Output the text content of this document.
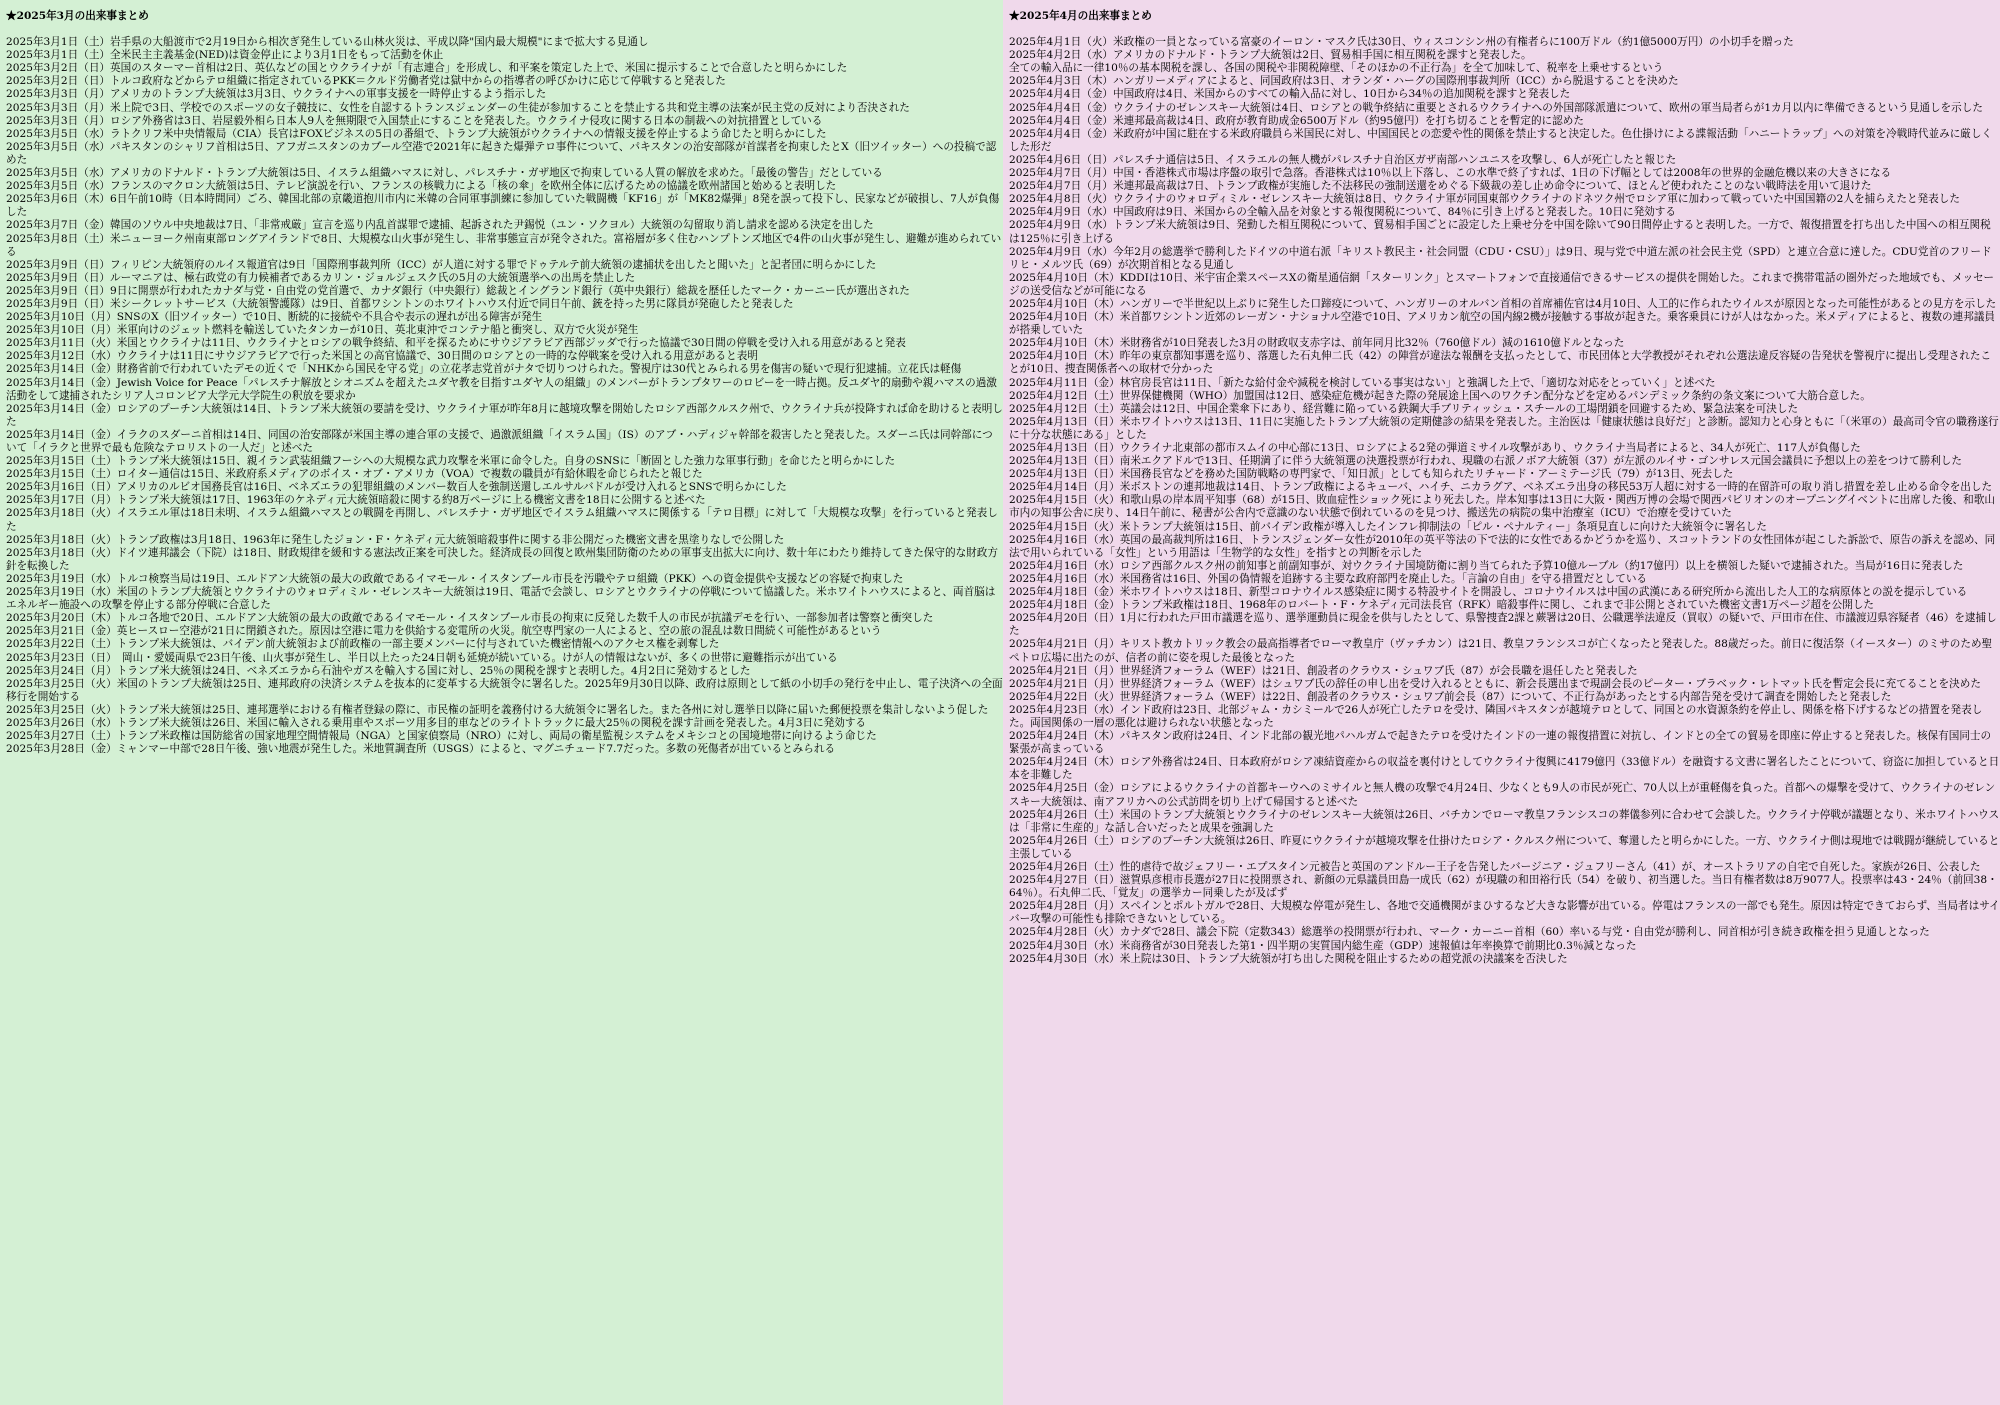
★2025年3月の出来事まとめ
2025年3月1日（土）岩手県の大船渡市で2月19日から相次ぎ発生している山林火災は、平成以降"国内最大規模"にまで拡大する見通し
2025年3月1日（土）全米民主主義基金(NED)は資金停止により3月1日をもって活動を休止
2025年3月2日（日）英国のスターマー首相は2日、英仏などの国とウクライナが「有志連合」を形成し、和平案を策定した上で、米国に提示することで合意したと明らかにした
2025年3月2日（日）トルコ政府などからテロ組織に指定されているPKK＝クルド労働者党は獄中からの指導者の呼びかけに応じて停戦すると発表した
2025年3月3日（月）アメリカのトランプ大統領は3月3日、ウクライナへの軍事支援を一時停止するよう指示した
2025年3月3日（月）米上院で3日、学校でのスポーツの女子競技に、女性を自認するトランスジェンダーの生徒が参加することを禁止する共和党主導の法案が民主党の反対により否決された
2025年3月3日（月）ロシア外務省は3日、岩屋毅外相ら日本人9人を無期限で入国禁止にすることを発表した。ウクライナ侵攻に関する日本の制裁への対抗措置としている
2025年3月5日（水）ラトクリフ米中央情報局（CIA）長官はFOXビジネスの5日の番組で、トランプ大統領がウクライナへの情報支援を停止するよう命じたと明らかにした
2025年3月5日（水）パキスタンのシャリフ首相は5日、アフガニスタンのカブール空港で2021年に起きた爆弾テロ事件について、パキスタンの治安部隊が首謀者を拘束したとX（旧ツイッター）への投稿で認めた
2025年3月5日（水）アメリカのドナルド・トランプ大統領は5日、イスラム組織ハマスに対し、パレスチナ・ガザ地区で拘束している人質の解放を求めた。「最後の警告」だとしている
2025年3月5日（水）フランスのマクロン大統領は5日、テレビ演説を行い、フランスの核戦力による「核の傘」を欧州全体に広げるための協議を欧州諸国と始めると表明した
2025年3月6日（木）6日午前10時（日本時間同）ごろ、韓国北部の京畿道抱川市内に米韓の合同軍事訓練に参加していた戦闘機「KF16」が「MK82爆弾」8発を誤って投下し、民家などが破損し、7人が負傷した
2025年3月7日（金）韓国のソウル中央地裁は7日、「非常戒厳」宣言を巡り内乱首謀罪で逮捕、起訴された尹錫悦（ユン・ソクヨル）大統領の勾留取り消し請求を認める決定を出した
2025年3月8日（土）米ニューヨーク州南東部ロングアイランドで8日、大規模な山火事が発生し、非常事態宣言が発令された。富裕層が多く住むハンプトンズ地区で4件の山火事が発生し、避難が進められている
2025年3月9日（日）フィリピン大統領府のルイス報道官は9日「国際刑事裁判所（ICC）が人道に対する罪でドゥテルテ前大統領の逮捕状を出したと聞いた」と記者団に明らかにした
2025年3月9日（日）ルーマニアは、極右政党の有力候補者であるカリン・ジョルジェスク氏の5月の大統領選挙への出馬を禁止した
2025年3月9日（日）9日に開票が行われたカナダ与党・自由党の党首選で、カナダ銀行（中央銀行）総裁とイングランド銀行（英中央銀行）総裁を歴任したマーク・カーニー氏が選出された
2025年3月9日（日）米シークレットサービス（大統領警護隊）は9日、首都ワシントンのホワイトハウス付近で同日午前、銃を持った男に隊員が発砲したと発表した
2025年3月10日（月）SNSのX（旧ツイッター）で10日、断続的に接続や不具合や表示の遅れが出る障害が発生
2025年3月10日（月）米軍向けのジェット燃料を輸送していたタンカーが10日、英北東沖でコンテナ船と衝突し、双方で火災が発生
2025年3月11日（火）米国とウクライナは11日、ウクライナとロシアの戦争終結、和平を探るためにサウジアラビア西部ジッダで行った協議で30日間の停戦を受け入れる用意があると発表
2025年3月12日（水）ウクライナは11日にサウジアラビアで行った米国との高官協議で、30日間のロシアとの一時的な停戦案を受け入れる用意があると表明
2025年3月14日（金）財務省前で行われていたデモの近くで「NHKから国民を守る党」の立花孝志党首がナタで切りつけられた。警視庁は30代とみられる男を傷害の疑いで現行犯逮捕。立花氏は軽傷
2025年3月14日（金）Jewish Voice for Peace「パレスチナ解放とシオニズムを超えたユダヤ教を目指すユダヤ人の組織」のメンバーがトランプタワーのロビーを一時占拠。反ユダヤ的扇動や親ハマスの過激活動をして逮捕されたシリア人コロンビア大学元大学院生の釈放を要求か
2025年3月14日（金）ロシアのプーチン大統領は14日、トランプ米大統領の要請を受け、ウクライナ軍が昨年8月に越境攻撃を開始したロシア西部クルスク州で、ウクライナ兵が投降すれば命を助けると表明した
2025年3月14日（金）イラクのスダーニ首相は14日、同国の治安部隊が米国主導の連合軍の支援で、過激派組織「イスラム国」（IS）のアブ・ハディジャ幹部を殺害したと発表した。スダーニ氏は同幹部について「イラクと世界で最も危険なテロリストの一人だ」と述べた
2025年3月15日（土）トランプ米大統領は15日、親イラン武装組織フーシへの大規模な武力攻撃を米軍に命令した。自身のSNSに「断固とした強力な軍事行動」を命じたと明らかにした
2025年3月15日（土）ロイター通信は15日、米政府系メディアのボイス・オブ・アメリカ（VOA）で複数の職員が有給休暇を命じられたと報じた
2025年3月16日（日）アメリカのルビオ国務長官は16日、ベネズエラの犯罪組織のメンバー数百人を強制送還しエルサルバドルが受け入れるとSNSで明らかにした
2025年3月17日（月）トランプ米大統領は17日、1963年のケネディ元大統領暗殺に関する約8万ページに上る機密文書を18日に公開すると述べた
2025年3月18日（火）イスラエル軍は18日未明、イスラム組織ハマスとの戦闘を再開し、パレスチナ・ガザ地区でイスラム組織ハマスに関係する「テロ目標」に対して「大規模な攻撃」を行っていると発表した
2025年3月18日（火）トランプ政権は3月18日、1963年に発生したジョン・F・ケネディ元大統領暗殺事件に関する非公開だった機密文書を黒塗りなしで公開した
2025年3月18日（火）ドイツ連邦議会（下院）は18日、財政規律を緩和する憲法改正案を可決した。経済成長の回復と欧州集団防衛のための軍事支出拡大に向け、数十年にわたり維持してきた保守的な財政方針を転換した
2025年3月19日（水）トルコ検察当局は19日、エルドアン大統領の最大の政敵であるイマモール・イスタンブール市長を汚職やテロ組織（PKK）への資金提供や支援などの容疑で拘束した
2025年3月19日（水）米国のトランプ大統領とウクライナのウォロディミル・ゼレンスキー大統領は19日、電話で会談し、ロシアとウクライナの停戦について協議した。米ホワイトハウスによると、両首脳はエネルギー施設への攻撃を停止する部分停戦に合意した
2025年3月20日（木）トルコ各地で20日、エルドアン大統領の最大の政敵であるイマモール・イスタンブール市長の拘束に反発した数千人の市民が抗議デモを行い、一部参加者は警察と衝突した
2025年3月21日（金）英ヒースロー空港が21日に閉鎖された。原因は空港に電力を供給する変電所の火災。航空専門家の一人によると、空の旅の混乱は数日間続く可能性があるという
2025年3月22日（土）トランプ米大統領は、バイデン前大統領および前政権の一部主要メンバーに付与されていた機密情報へのアクセス権を剥奪した
2025年3月23日（日）　岡山・愛媛両県で23日午後、山火事が発生し、半日以上たった24日朝も延焼が続いている。けが人の情報はないが、多くの世帯に避難指示が出ている
2025年3月24日（月）トランプ米大統領は24日、ベネズエラから石油やガスを輸入する国に対し、25％の関税を課すと表明した。4月2日に発効するとした
2025年3月25日（火）米国のトランプ大統領は25日、連邦政府の決済システムを抜本的に変革する大統領令に署名した。2025年9月30日以降、政府は原則として紙の小切手の発行を中止し、電子決済への全面移行を開始する
2025年3月25日（火）トランプ米大統領は25日、連邦選挙における有権者登録の際に、市民権の証明を義務付ける大統領令に署名した。また各州に対し選挙日以降に届いた郵便投票を集計しないよう促した
2025年3月26日（水）トランプ米大統領は26日、米国に輸入される乗用車やスポーツ用多目的車などのライトトラックに最大25％の関税を課す計画を発表した。4月3日に発効する
2025年3月27日（土）トランプ米政権は国防総省の国家地理空間情報局（NGA）と国家偵察局（NRO）に対し、両局の衛星監視システムをメキシコとの国境地帯に向けるよう命じた
2025年3月28日（金）ミャンマー中部で28日午後、強い地震が発生した。米地質調査所（USGS）によると、マグニチュード7.7だった。多数の死傷者が出ているとみられる
★2025年4月の出来事まとめ
2025年4月1日（火）米政権の一員となっている富豪のイーロン・マスク氏は30日、ウィスコンシン州の有権者らに100万ドル（約1億5000万円）の小切手を贈った
2025年4月2日（水）アメリカのドナルド・トランプ大統領は2日、貿易相手国に相互関税を課すと発表した。
全ての輸入品に一律10％の基本関税を課し、各国の関税や非関税障壁、「そのほかの不正行為」を全て加味して、税率を上乗せするという
2025年4月3日（木）ハンガリーメディアによると、同国政府は3日、オランダ・ハーグの国際刑事裁判所（ICC）から脱退することを決めた
2025年4月4日（金）中国政府は4日、米国からのすべての輸入品に対し、10日から34％の追加関税を課すと発表した
2025年4月4日（金）ウクライナのゼレンスキー大統領は4日、ロシアとの戦争終結に重要とされるウクライナへの外国部隊派遣について、欧州の軍当局者らが1カ月以内に準備できるという見通しを示した
2025年4月4日（金）米連邦最高裁は4日、政府が教育助成金6500万ドル（約95億円）を打ち切ることを暫定的に認めた
2025年4月4日（金）米政府が中国に駐在する米政府職員ら米国民に対し、中国国民との恋愛や性的関係を禁止すると決定した。色仕掛けによる諜報活動「ハニートラップ」への対策を冷戦時代並みに厳しくした形だ
2025年4月6日（日）パレスチナ通信は5日、イスラエルの無人機がパレスチナ自治区ガザ南部ハンユニスを攻撃し、6人が死亡したと報じた
2025年4月7日（月）中国・香港株式市場は序盤の取引で急落。香港株式は10％以上下落し、この水準で終了すれば、1日の下げ幅としては2008年の世界的金融危機以来の大きさになる
2025年4月7日（月）米連邦最高裁は7日、トランプ政権が実施した不法移民の強制送還をめぐる下級裁の差し止め命令について、ほとんど使われたことのない戦時法を用いて退けた
2025年4月8日（火）ウクライナのウォロディミル・ゼレンスキー大統領は8日、ウクライナ軍が同国東部ウクライナのドネツク州でロシア軍に加わって戦っていた中国国籍の2人を捕らえたと発表した
2025年4月9日（水）中国政府は9日、米国からの全輸入品を対象とする報復関税について、84％に引き上げると発表した。10日に発効する
2025年4月9日（水）トランプ米大統領は9日、発動した相互関税について、貿易相手国ごとに設定した上乗せ分を中国を除いて90日間停止すると表明した。一方で、報復措置を打ち出した中国への相互関税は125％に引き上げる
2025年4月9日（水）今年2月の総選挙で勝利したドイツの中道右派「キリスト教民主・社会同盟（CDU・CSU）」は9日、現与党で中道左派の社会民主党（SPD）と連立合意に達した。CDU党首のフリードリヒ・メルツ氏（69）が次期首相となる見通し
2025年4月10日（木）KDDIは10日、米宇宙企業スペースXの衛星通信網「スターリンク」とスマートフォンで直接通信できるサービスの提供を開始した。これまで携帯電話の圏外だった地域でも、メッセージの送受信などが可能になる
2025年4月10日（木）ハンガリーで半世紀以上ぶりに発生した口蹄疫について、ハンガリーのオルバン首相の首席補佐官は4月10日、人工的に作られたウイルスが原因となった可能性があるとの見方を示した
2025年4月10日（木）米首都ワシントン近郊のレーガン・ナショナル空港で10日、アメリカン航空の国内線2機が接触する事故が起きた。乗客乗員にけが人はなかった。米メディアによると、複数の連邦議員が搭乗していた
2025年4月10日（木）米財務省が10日発表した3月の財政収支赤字は、前年同月比32％（760億ドル）減の1610億ドルとなった
2025年4月10日（木）昨年の東京都知事選を巡り、落選した石丸伸二氏（42）の陣営が違法な報酬を支払ったとして、市民団体と大学教授がそれぞれ公選法違反容疑の告発状を警視庁に提出し受理されたことが10日、捜査関係者への取材で分かった
2025年4月11日（金）林官房長官は11日、「新たな給付金や減税を検討している事実はない」と強調した上で、「適切な対応をとっていく」と述べた
2025年4月12日（土）世界保健機関（WHO）加盟国は12日、感染症危機が起きた際の発展途上国へのワクチン配分などを定めるパンデミック条約の条文案について大筋合意した。
2025年4月12日（土）英議会は12日、中国企業傘下にあり、経営難に陥っている鉄鋼大手ブリティッシュ・スチールの工場閉鎖を回避するため、緊急法案を可決した
2025年4月13日（日）米ホワイトハウスは13日、11日に実施したトランプ大統領の定期健診の結果を発表した。主治医は「健康状態は良好だ」と診断。認知力と心身ともに「（米軍の）最高司令官の職務遂行に十分な状態にある」とした
2025年4月13日（日）ウクライナ北東部の都市スムイの中心部に13日、ロシアによる2発の弾道ミサイル攻撃があり、ウクライナ当局者によると、34人が死亡、117人が負傷した
2025年4月13日（日）南米エクアドルで13日、任期満了に伴う大統領選の決選投票が行われ、現職の右派ノボア大統領（37）が左派のルイサ・ゴンサレス元国会議員に予想以上の差をつけて勝利した
2025年4月13日（日）米国務長官などを務めた国防戦略の専門家で、「知日派」としても知られたリチャード・アーミテージ氏（79）が13日、死去した
2025年4月14日（月）米ボストンの連邦地裁は14日、トランプ政権によるキューバ、ハイチ、ニカラグア、ベネズエラ出身の移民53万人超に対する一時的在留許可の取り消し措置を差し止める命令を出した
2025年4月15日（火）和歌山県の岸本周平知事（68）が15日、敗血症性ショック死により死去した。岸本知事は13日に大阪・関西万博の会場で関西パビリオンのオープニングイベントに出席した後、和歌山市内の知事公舎に戻り、14日午前に、秘書が公舎内で意識のない状態で倒れているのを見つけ、搬送先の病院の集中治療室（ICU）で治療を受けていた
2025年4月15日（火）米トランプ大統領は15日、前バイデン政権が導入したインフレ抑制法の「ピル・ペナルティー」条項見直しに向けた大統領令に署名した
2025年4月16日（水）英国の最高裁判所は16日、トランスジェンダー女性が2010年の英平等法の下で法的に女性であるかどうかを巡り、スコットランドの女性団体が起こした訴訟で、原告の訴えを認め、同法で用いられている「女性」という用語は「生物学的な女性」を指すとの判断を示した
2025年4月16日（水）ロシア西部クルスク州の前知事と前副知事が、対ウクライナ国境防衛に割り当てられた予算10億ルーブル（約17億円）以上を横領した疑いで逮捕された。当局が16日に発表した
2025年4月16日（水）米国務省は16日、外国の偽情報を追跡する主要な政府部門を廃止した。「言論の自由」を守る措置だとしている
2025年4月18日（金）米ホワイトハウスは18日、新型コロナウイルス感染症に関する特設サイトを開設し、コロナウイルスは中国の武漢にある研究所から流出した人工的な病原体との説を提示している
2025年4月18日（金）トランプ米政権は18日、1968年のロバート・F・ケネディ元司法長官（RFK）暗殺事件に関し、これまで非公開とされていた機密文書1万ページ超を公開した
2025年4月20日（日）1月に行われた戸田市議選を巡り、選挙運動員に現金を供与したとして、県警捜査2課と蕨署は20日、公職選挙法違反（買収）の疑いで、戸田市在住、市議渡辺県容疑者（46）を逮捕した
2025年4月21日（月）キリスト教カトリック教会の最高指導者でローマ教皇庁（ヴァチカン）は21日、教皇フランシスコが亡くなったと発表した。88歳だった。前日に復活祭（イースター）のミサのため聖ペトロ広場に出たのが、信者の前に姿を現した最後となった
2025年4月21日（月）世界経済フォーラム（WEF）は21日、創設者のクラウス・シュワブ氏（87）が会長職を退任したと発表した
2025年4月21日（月）世界経済フォーラム（WEF）はシュワブ氏の辞任の申し出を受け入れるとともに、新会長選出まで現副会長のピーター・ブラベック・レトマット氏を暫定会長に充てることを決めた
2025年4月22日（火）世界経済フォーラム（WEF）は22日、創設者のクラウス・シュワブ前会長（87）について、不正行為があったとする内部告発を受けて調査を開始したと発表した
2025年4月23日（水）インド政府は23日、北部ジャム・カシミールで26人が死亡したテロを受け、隣国パキスタンが越境テロとして、同国との水資源条約を停止し、関係を格下げするなどの措置を発表した。両国関係の一層の悪化は避けられない状態となった
2025年4月24日（木）パキスタン政府は24日、インド北部の観光地パハルガムで起きたテロを受けたインドの一連の報復措置に対抗し、インドとの全ての貿易を即座に停止すると発表した。核保有国同士の緊張が高まっている
2025年4月24日（木）ロシア外務省は24日、日本政府がロシア凍結資産からの収益を裏付けとしてウクライナ復興に4179億円（33億ドル）を融資する文書に署名したことについて、窃盗に加担していると日本を非難した
2025年4月25日（金）ロシアによるウクライナの首都キーウへのミサイルと無人機の攻撃で4月24日、少なくとも9人の市民が死亡、70人以上が重軽傷を負った。首都への爆撃を受けて、ウクライナのゼレンスキー大統領は、南アフリカへの公式訪問を切り上げて帰国すると述べた
2025年4月26日（土）米国のトランプ大統領とウクライナのゼレンスキー大統領は26日、バチカンでローマ教皇フランシスコの葬儀参列に合わせて会談した。ウクライナ停戦が議題となり、米ホワイトハウスは「非常に生産的」な話し合いだったと成果を強調した
2025年4月26日（土）ロシアのプーチン大統領は26日、昨夏にウクライナが越境攻撃を仕掛けたロシア・クルスク州について、奪還したと明らかにした。一方、ウクライナ側は現地では戦闘が継続していると主張している
2025年4月26日（土）性的虐待で故ジェフリー・エプスタイン元被告と英国のアンドルー王子を告発したバージニア・ジュフリーさん（41）が、オーストラリアの自宅で自死した。家族が26日、公表した
2025年4月27日（日）滋賀県彦根市長選が27日に投開票され、新顔の元県議員田島一成氏（62）が現職の和田裕行氏（54）を破り、初当選した。当日有権者数は8万9077人。投票率は43・24％（前回38・64％）。石丸伸二氏、「覚友」の選挙カー同乗したが及ばず
2025年4月28日（月）スペインとポルトガルで28日、大規模な停電が発生し、各地で交通機関がまひするなど大きな影響が出ている。停電はフランスの一部でも発生。原因は特定できておらず、当局者はサイバー攻撃の可能性も排除できないとしている。
2025年4月28日（火）カナダで28日、議会下院（定数343）総選挙の投開票が行われ、マーク・カーニー首相（60）率いる与党・自由党が勝利し、同首相が引き続き政権を担う見通しとなった
2025年4月30日（水）米商務省が30日発表した第1・四半期の実質国内総生産（GDP）速報値は年率換算で前期比0.3％減となった
2025年4月30日（水）米上院は30日、トランプ大統領が打ち出した関税を阻止するための超党派の決議案を否決した
